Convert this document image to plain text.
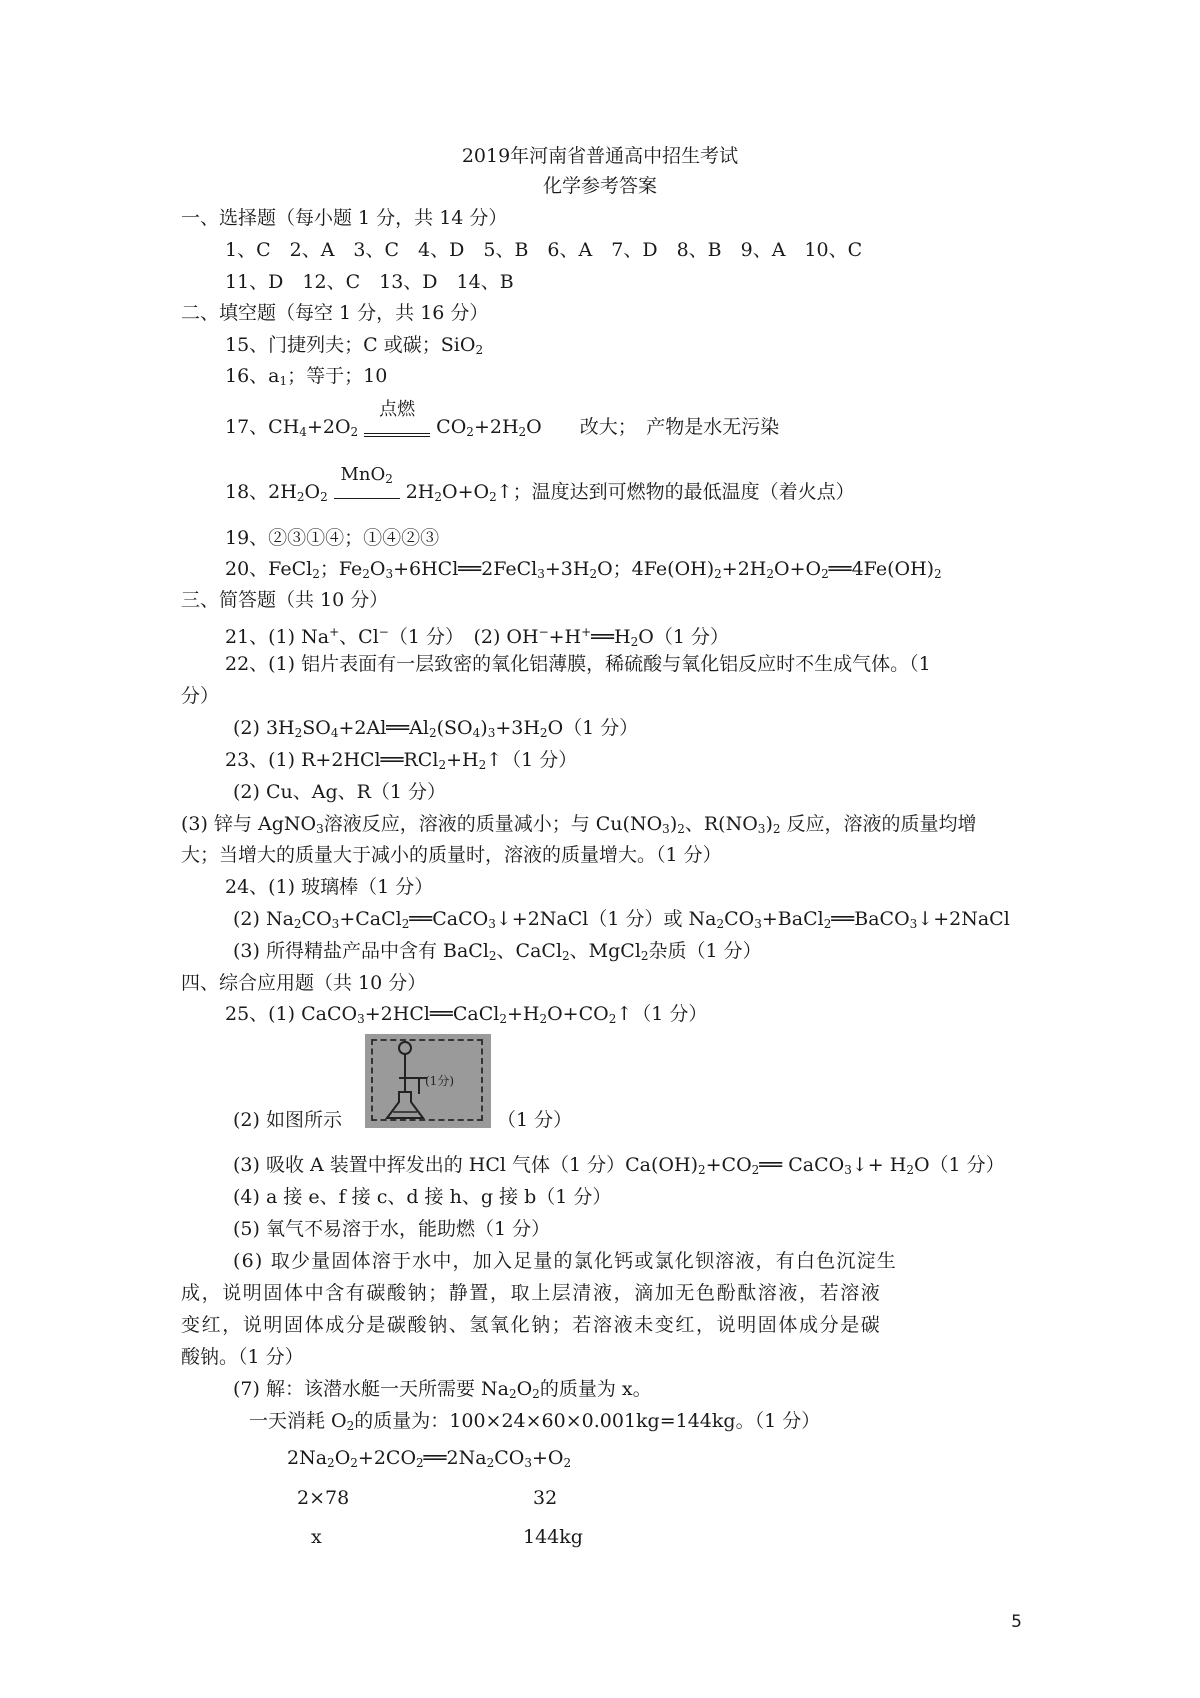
2019年河南省普通高中招生考试
化学参考答案
一、选择题（每小题 1 分，共 14 分）
1、C　2、A　3、C　4、D　5、B　6、A　7、D　8、B　9、A　10、C
11、D　12、C　13、D　14、B
二、填空题（每空 1 分，共 16 分）
15、门捷列夫；C 或碳；SiO$_2$
16、$a_1$；等于；10
17、$CH_4+2O_2$
点燃
$CO_2+2H_2O$　　改大；　产物是水无污染
18、$2H_2O_2$
MnO$_2$
$2H_2O+O_2↑$；温度达到可燃物的最低温度（着火点）
19、②③①④；①④②③
20、FeCl$_2$；$Fe_2O_3+6HCl══2FeCl_3+3H_2O$；$4Fe(OH)_2+2H_2O+O_2══4Fe(OH)_2$
三、简答题（共 10 分）
21、(1) Na+、Cl−（1 分）　(2) $OH^-+H^+══H_2O(1$ 分）
22、(1) 铝片表面有一层致密的氧化铝薄膜，稀硫酸与氧化铝反应时不生成气体。（1
分）
(2) $3H_2SO_4+2Al══Al_2(SO_4)_3+3H_2O(1$ 分）
23、(1) $R+2HCl══RCl_2+H_2↑(1$ 分）
(2) Cu、Ag、R（1 分）
(3) 锌与 AgNO$_3$溶液反应，溶液的质量减小；与 $Cu(NO_3)_2$、$R(NO_3)_2$ 反应，溶液的质量均增
大；当增大的质量大于减小的质量时，溶液的质量增大。（1 分）
24、(1) 玻璃棒（1 分）
(2) $Na_2CO_3+CaCl_2══CaCO_3↓+2NaCl(1$ 分）或 $Na_2CO_3+BaCl_2══BaCO_3↓+2NaCl$
(3) 所得精盐产品中含有 BaCl$_2$、CaCl$_2$、MgCl$_2$杂质（1 分）
四、综合应用题（共 10 分）
25、(1) $CaCO_3+2HCl══CaCl_2+H_2O+CO_2↑(1$ 分）
(1分)
(2) 如图所示	（1 分）
(3) 吸收 A 装置中挥发出的 HCl 气体（1 分）$Ca(OH)_2+CO_2══$ CaCO$_3$↓+ $H_2O(1$ 分）
(4) a 接 e、f 接 c、d 接 h、g 接 b（1 分）
(5) 氧气不易溶于水，能助燃（1 分）
(6) 取少量固体溶于水中，加入足量的氯化钙或氯化钡溶液，有白色沉淀生
成，说明固体中含有碳酸钠；静置，取上层清液，滴加无色酚酞溶液，若溶液
变红，说明固体成分是碳酸钠、氢氧化钠；若溶液未变红，说明固体成分是碳
酸钠。（1 分）
(7) 解：该潜水艇一天所需要 $Na_2O_2$的质量为 x。
一天消耗 $O_2$的质量为：100×24×60×0.001kg=144kg。（1 分）
$2Na_2O_2+2CO_2══2Na_2CO_3+O_2$
2×78	32
x	144kg
5
